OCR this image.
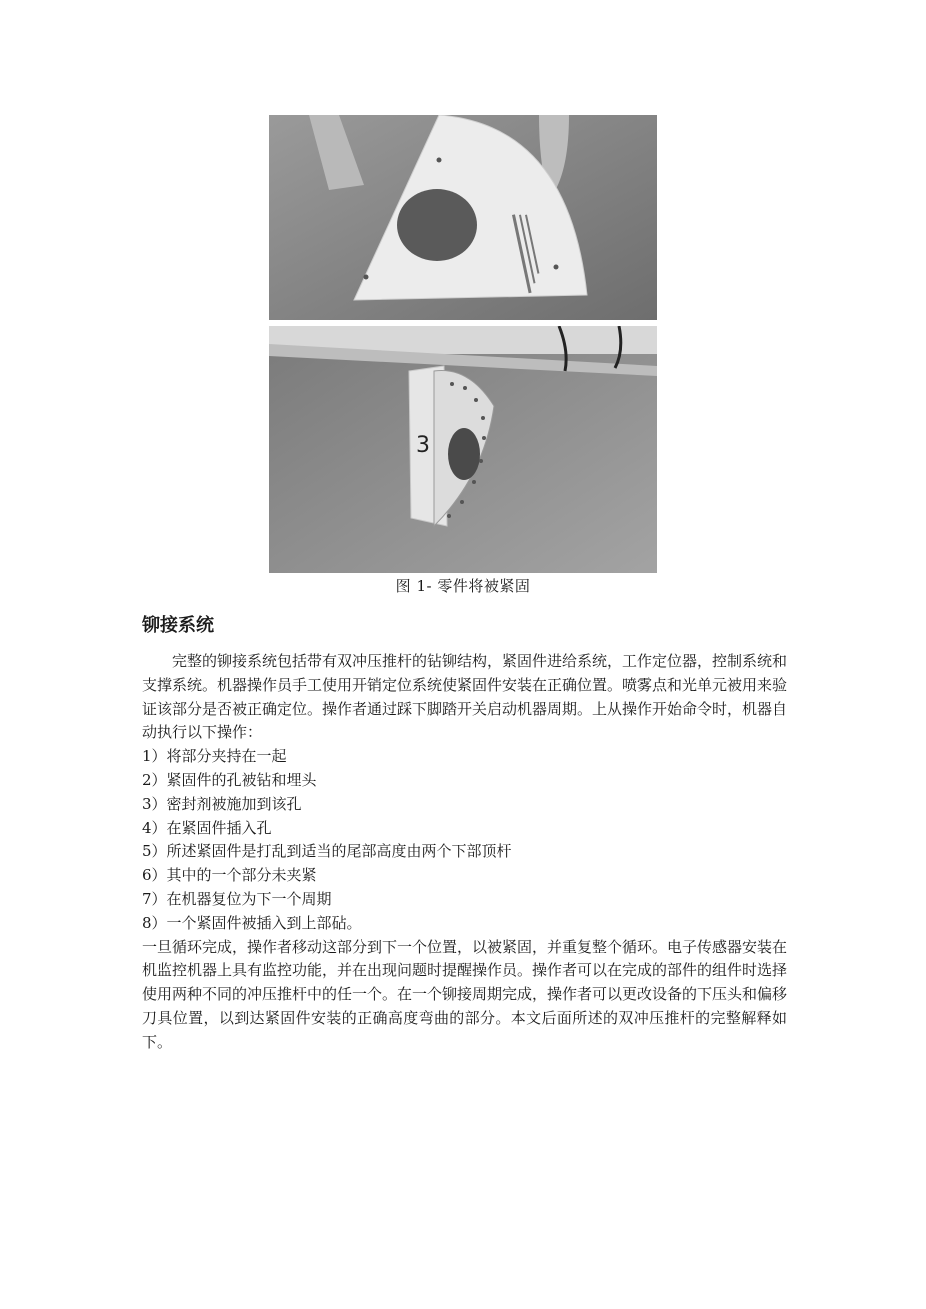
3
图 1- 零件将被紧固
铆接系统

完整的铆接系统包括带有双冲压推杆的钻铆结构，紧固件进给系统，工作定位器，控制系统和支撑系统。机器操作员手工使用开销定位系统使紧固件安装在正确位置。喷雾点和光单元被用来验证该部分是否被正确定位。操作者通过踩下脚踏开关启动机器周期。上从操作开始命令时，机器自动执行以下操作：

1）将部分夹持在一起
2）紧固件的孔被钻和埋头
3）密封剂被施加到该孔
4）在紧固件插入孔
5）所述紧固件是打乱到适当的尾部高度由两个下部顶杆
6）其中的一个部分未夹紧
7）在机器复位为下一个周期
8）一个紧固件被插入到上部砧。

一旦循环完成，操作者移动这部分到下一个位置，以被紧固，并重复整个循环。电子传感器安装在机监控机器上具有监控功能，并在出现问题时提醒操作员。操作者可以在完成的部件的组件时选择使用两种不同的冲压推杆中的任一个。在一个铆接周期完成，操作者可以更改设备的下压头和偏移刀具位置，以到达紧固件安装的正确高度弯曲的部分。本文后面所述的双冲压推杆的完整解释如下。
